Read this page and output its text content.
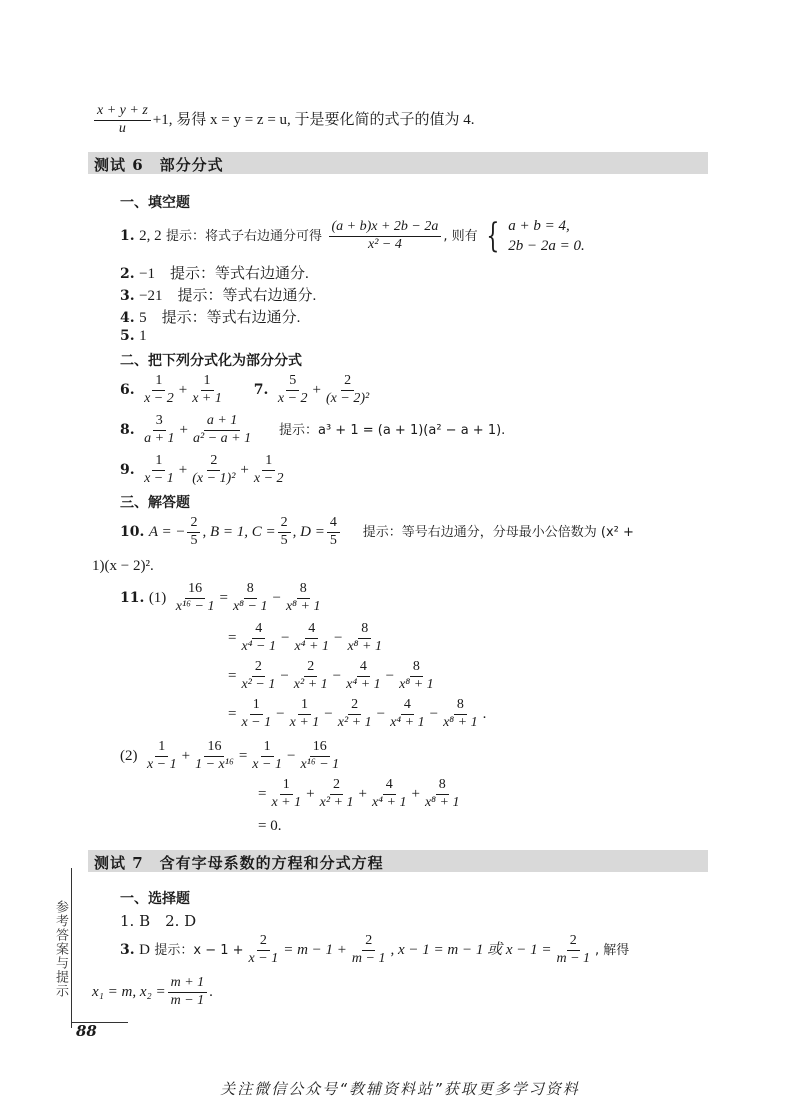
$\frac{x + y + z}{u} +1$, 易得 x = y = z = u, 于是要化简的式子的值为 4.
测试 6　部分分式
一、填空题
1. 2, 2 提示：将式子右边通分可得 $\frac{(a + b)x + 2b - 2a}{\text{x² − 4}}$ , 则有 { a + b = 4,
2b − 2a = 0.
2. −1　提示：等式右边通分.
3. −21　提示：等式右边通分.
4. 5　提示：等式右边通分.
5. 1
二、把下列分式化为部分分式
6. $\frac{1}{x - 2} + \frac{1}{x + 1} 7$. $\frac{5}{x - 2} + \frac{2}{\text{(x − 2)²}}$
8. $\frac{3}{a + 1} + \frac{a + 1}{\text{a² − a + 1}}$ 提示：a³ + 1 = (a + 1)(a² − a + 1).
9. $\frac{1}{x - 1} + \frac{2}{\text{(x − 1)²}} + \frac{1}{x - 2}$
三、解答题
10. A = − $\frac{2}{5}$ , B = 1, $C = \frac{2}{5}$ , $D = \frac{4}{5}$ 提示：等号右边通分，分母最小公倍数为 (x² +
1)(x − 2)².
11. $(1) \frac{16}{\text{x¹⁶ − 1}} = \frac{8}{\text{x⁸ − 1}} - \frac{8}{\text{x⁸ + 1}}$
= $\frac{4}{\text{x⁴ − 1}} - \frac{4}{\text{x⁴ + 1}} - \frac{8}{\text{x⁸ + 1}}$
= $\frac{2}{\text{x² − 1}} - \frac{2}{\text{x² + 1}} - \frac{4}{\text{x⁴ + 1}} - \frac{8}{\text{x⁸ + 1}}$
= $\frac{1}{x - 1} - \frac{1}{x + 1} - \frac{2}{\text{x² + 1}} - \frac{4}{\text{x⁴ + 1}} - \frac{8}{\text{x⁸ + 1}}$ .
$(2) \frac{1}{x - 1} + \frac{16}{\text{1 − x¹⁶}} = \frac{1}{x - 1} - \frac{16}{\text{x¹⁶ − 1}}$
= $\frac{1}{x + 1} + \frac{2}{\text{x² + 1}} + \frac{4}{\text{x⁴ + 1}} + \frac{8}{\text{x⁸ + 1}}$
= 0.
测试 7　含有字母系数的方程和分式方程
一、选择题
1. B　2. D
3. D 提示：$x - 1 + \frac{2}{x - 1} = m - 1 + \frac{2}{m - 1}$ , x − 1 = m − 1 或 $x - 1 = \frac{2}{m - 1}$ , 解得
x₁ = m, $x_2 = \frac{m + 1}{m - 1}$ .
参考答案与提示
88
关注微信公众号“教辅资料站”获取更多学习资料
